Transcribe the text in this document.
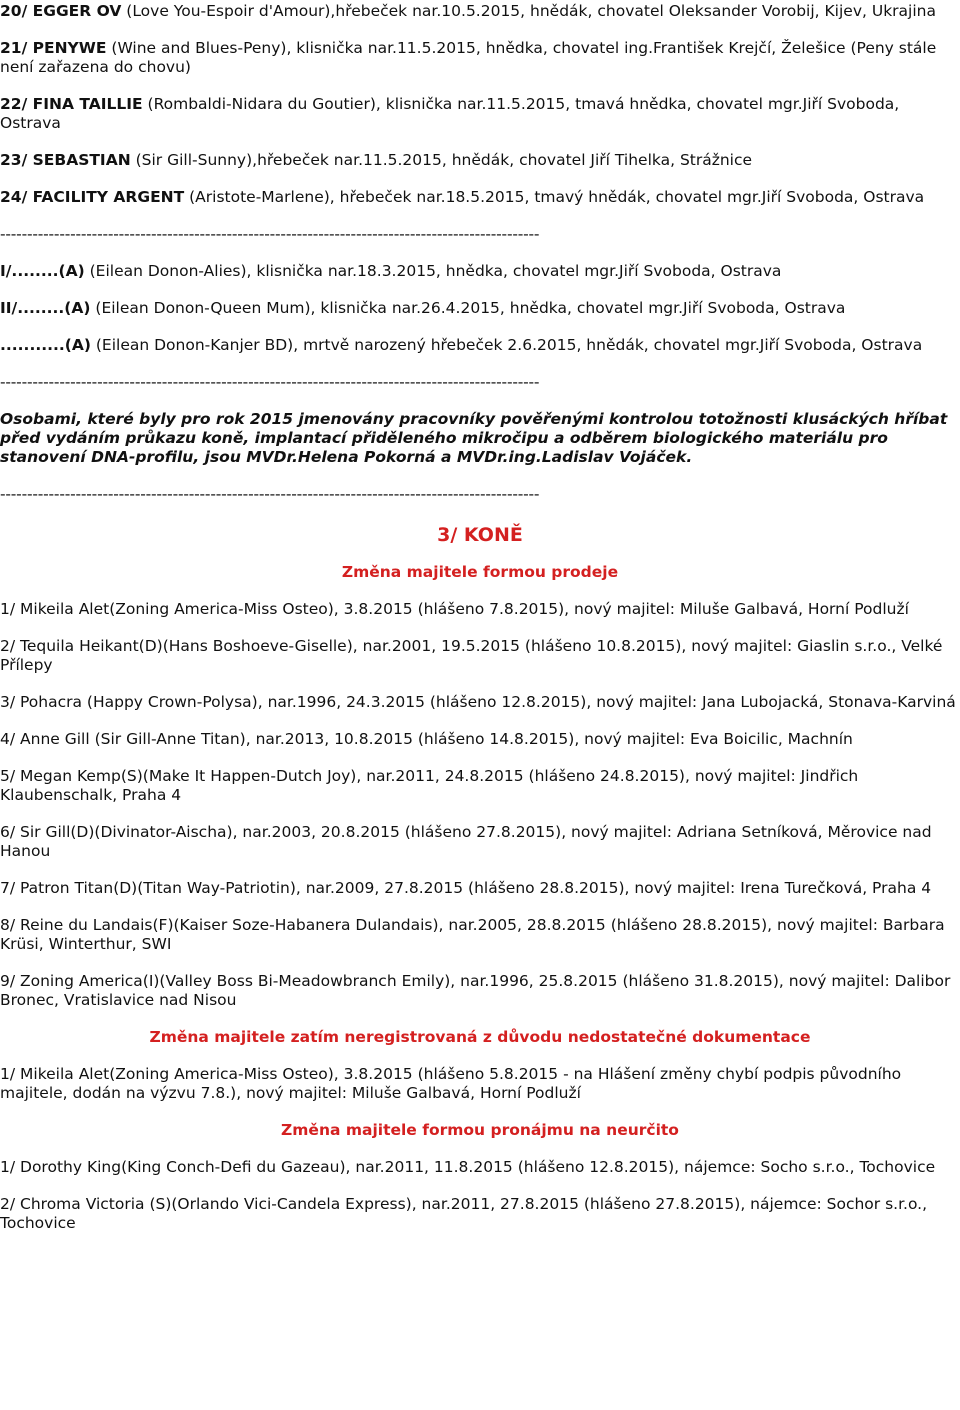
20/ EGGER OV (Love You-Espoir d'Amour),hřebeček nar.10.5.2015, hnědák, chovatel Oleksander Vorobij, Kijev, Ukrajina
21/ PENYWE (Wine and Blues-Peny), klisnička nar.11.5.2015, hnědka, chovatel ing.František Krejčí, Želešice (Peny stále není zařazena do chovu)
22/ FINA TAILLIE (Rombaldi-Nidara du Goutier), klisnička nar.11.5.2015, tmavá hnědka, chovatel mgr.Jiří Svoboda, Ostrava
23/ SEBASTIAN (Sir Gill-Sunny),hřebeček nar.11.5.2015, hnědák, chovatel Jiří Tihelka, Strážnice
24/ FACILITY ARGENT (Aristote-Marlene), hřebeček nar.18.5.2015, tmavý hnědák, chovatel mgr.Jiří Svoboda, Ostrava
----------------------------------------------------------------------------------------------------
I/........(A) (Eilean Donon-Alies), klisnička nar.18.3.2015, hnědka, chovatel mgr.Jiří Svoboda, Ostrava
II/........(A) (Eilean Donon-Queen Mum), klisnička nar.26.4.2015, hnědka, chovatel mgr.Jiří Svoboda, Ostrava
...........(A) (Eilean Donon-Kanjer BD), mrtvě narozený hřebeček 2.6.2015, hnědák, chovatel mgr.Jiří Svoboda, Ostrava
----------------------------------------------------------------------------------------------------
Osobami, které byly pro rok 2015 jmenovány pracovníky pověřenými kontrolou totožnosti klusáckých hříbat před vydáním průkazu koně, implantací přiděleného mikročipu a odběrem biologického materiálu pro stanovení DNA-profilu, jsou MVDr.Helena Pokorná a MVDr.ing.Ladislav Vojáček.
----------------------------------------------------------------------------------------------------
3/ KONĚ
Změna majitele formou prodeje
1/ Mikeila Alet(Zoning America-Miss Osteo), 3.8.2015 (hlášeno 7.8.2015), nový majitel: Miluše Galbavá, Horní Podluží
2/ Tequila Heikant(D)(Hans Boshoeve-Giselle), nar.2001, 19.5.2015 (hlášeno 10.8.2015), nový majitel: Giaslin s.r.o., Velké Přílepy
3/ Pohacra (Happy Crown-Polysa), nar.1996, 24.3.2015 (hlášeno 12.8.2015), nový majitel: Jana Lubojacká, Stonava-Karviná
4/ Anne Gill (Sir Gill-Anne Titan), nar.2013, 10.8.2015 (hlášeno 14.8.2015), nový majitel: Eva Boicilic, Machnín
5/ Megan Kemp(S)(Make It Happen-Dutch Joy), nar.2011, 24.8.2015 (hlášeno 24.8.2015), nový majitel: Jindřich Klaubenschalk, Praha 4
6/ Sir Gill(D)(Divinator-Aischa), nar.2003, 20.8.2015 (hlášeno 27.8.2015), nový majitel: Adriana Setníková, Měrovice nad Hanou
7/ Patron Titan(D)(Titan Way-Patriotin), nar.2009, 27.8.2015 (hlášeno 28.8.2015), nový majitel: Irena Turečková, Praha 4
8/ Reine du Landais(F)(Kaiser Soze-Habanera Dulandais), nar.2005, 28.8.2015 (hlášeno 28.8.2015), nový majitel: Barbara Krüsi, Winterthur, SWI
9/ Zoning America(I)(Valley Boss Bi-Meadowbranch Emily), nar.1996, 25.8.2015 (hlášeno 31.8.2015), nový majitel: Dalibor Bronec, Vratislavice nad Nisou
Změna majitele zatím neregistrovaná z důvodu nedostatečné dokumentace
1/ Mikeila Alet(Zoning America-Miss Osteo), 3.8.2015 (hlášeno 5.8.2015 - na Hlášení změny chybí podpis původního majitele, dodán na výzvu 7.8.), nový majitel: Miluše Galbavá, Horní Podluží
Změna majitele formou pronájmu na neurčito
1/ Dorothy King(King Conch-Defi du Gazeau), nar.2011, 11.8.2015 (hlášeno 12.8.2015), nájemce: Socho s.r.o., Tochovice
2/ Chroma Victoria (S)(Orlando Vici-Candela Express), nar.2011, 27.8.2015 (hlášeno 27.8.2015), nájemce: Sochor s.r.o., Tochovice
